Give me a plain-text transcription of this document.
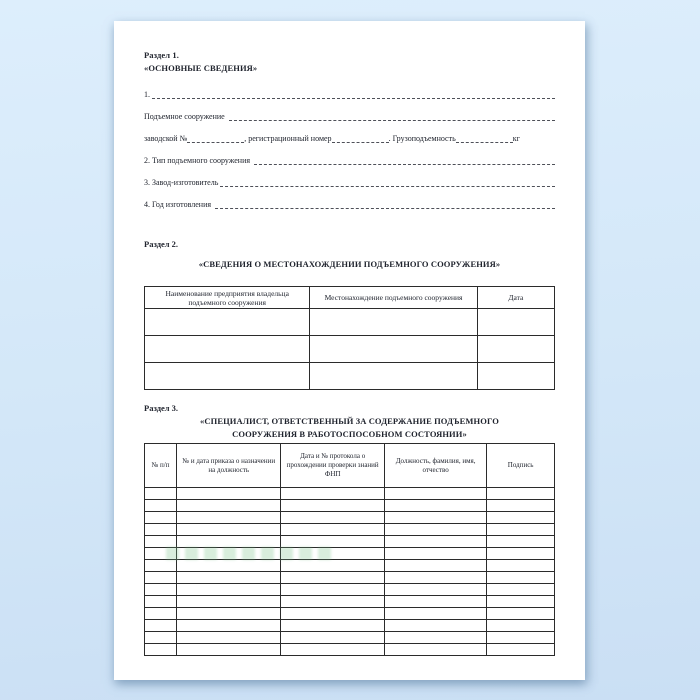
Раздел 1.
«ОСНОВНЫЕ СВЕДЕНИЯ»
1.
Подъемное сооружение
заводской №	, регистрационный номер	. Грузоподъемность	кг
2. Тип подъемного сооружения
3. Завод-изготовитель
4. Год изготовления
Раздел 2.
«СВЕДЕНИЯ О МЕСТОНАХОЖДЕНИИ ПОДЪЕМНОГО СООРУЖЕНИЯ»
Наименование предприятия владельца подъемного сооружения	Местонахождение подъемного сооружения	Дата

Раздел 3.
«СПЕЦИАЛИСТ, ОТВЕТСТВЕННЫЙ ЗА СОДЕРЖАНИЕ ПОДЪЕМНОГО
СООРУЖЕНИЯ В РАБОТОСПОСОБНОМ СОСТОЯНИИ»
№ п/п	№ и дата приказа о назначении на должность	Дата и № протокола о прохождении проверки знаний ФНП	Должность, фамилия, имя, отчество	Подпись
